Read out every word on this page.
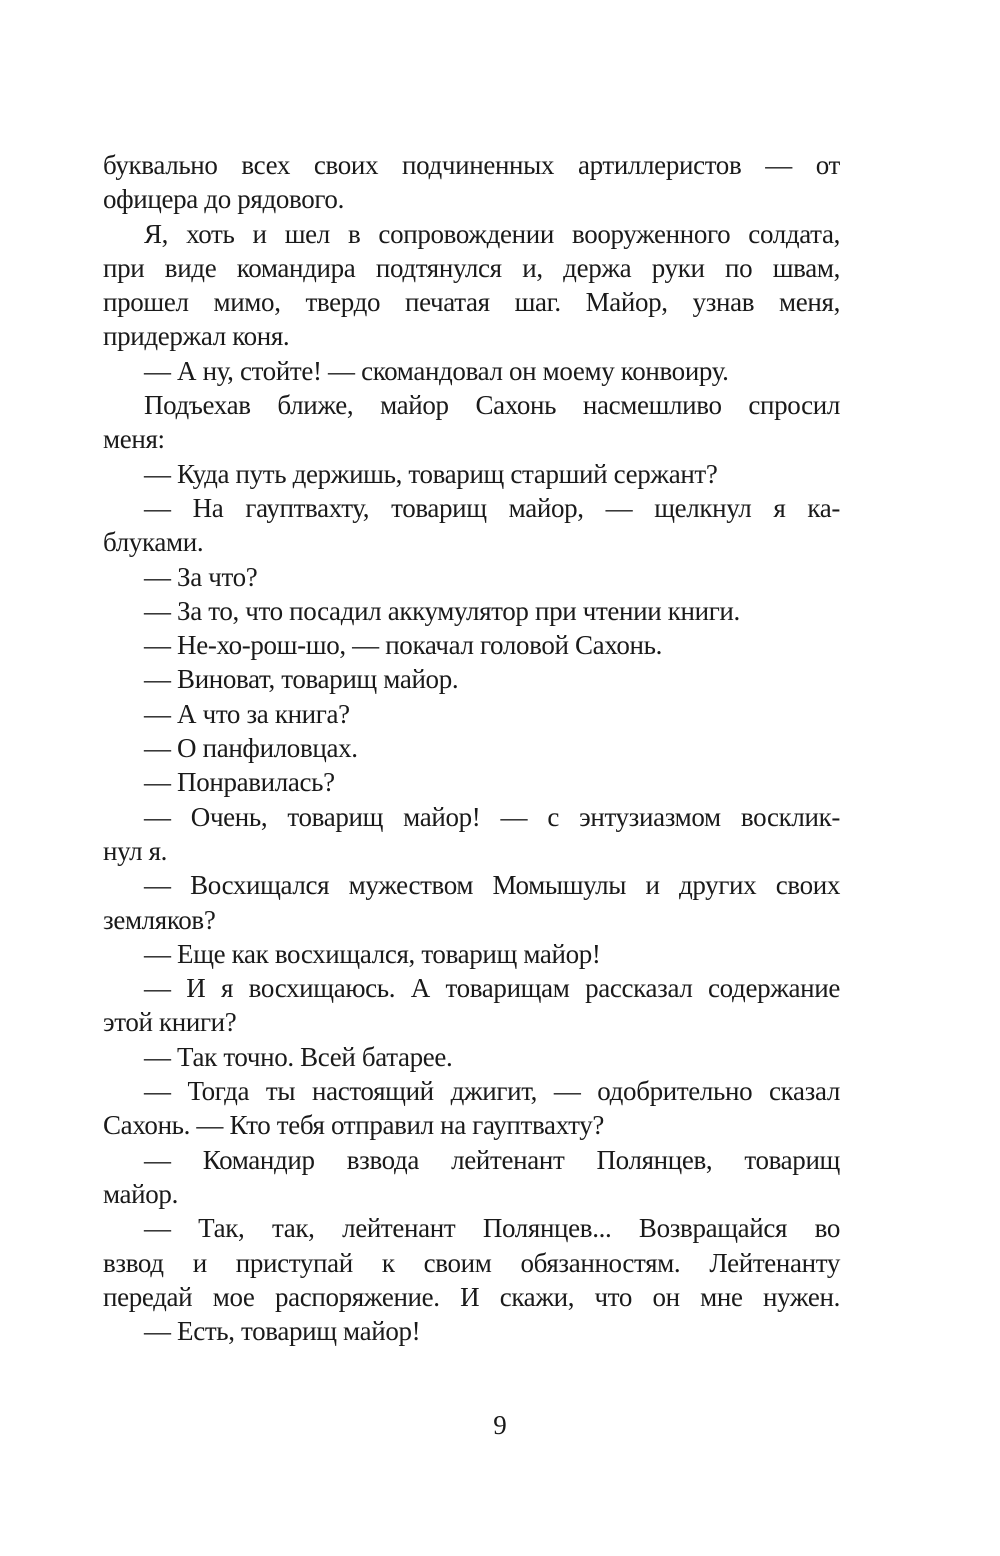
буквально всех своих подчиненных артиллеристов — от
офицера до рядового.
Я, хоть и шел в сопровождении вооруженного солдата,
при виде командира подтянулся и, держа руки по швам,
прошел мимо, твердо печатая шаг. Майор, узнав меня,
придержал коня.
— А ну, стойте! — скомандовал он моему конвоиру.
Подъехав ближе, майор Сахонь насмешливо спросил
меня:
— Куда путь держишь, товарищ старший сержант?
— На гауптвахту, товарищ майор, — щелкнул я ка-
блуками.
— За что?
— За то, что посадил аккумулятор при чтении книги.
— Не-хо-рош-шо, — покачал головой Сахонь.
— Виноват, товарищ майор.
— А что за книга?
— О панфиловцах.
— Понравилась?
— Очень, товарищ майор! — с энтузиазмом восклик-
нул я.
— Восхищался мужеством Момышулы и других своих
земляков?
— Еще как восхищался, товарищ майор!
— И я восхищаюсь. А товарищам рассказал содержание
этой книги?
— Так точно. Всей батарее.
— Тогда ты настоящий джигит, — одобрительно сказал
Сахонь. — Кто тебя отправил на гауптвахту?
— Командир взвода лейтенант Полянцев, товарищ
майор.
— Так, так, лейтенант Полянцев... Возвращайся во
взвод и приступай к своим обязанностям. Лейтенанту
передай мое распоряжение. И скажи, что он мне нужен.
— Есть, товарищ майор!
9
